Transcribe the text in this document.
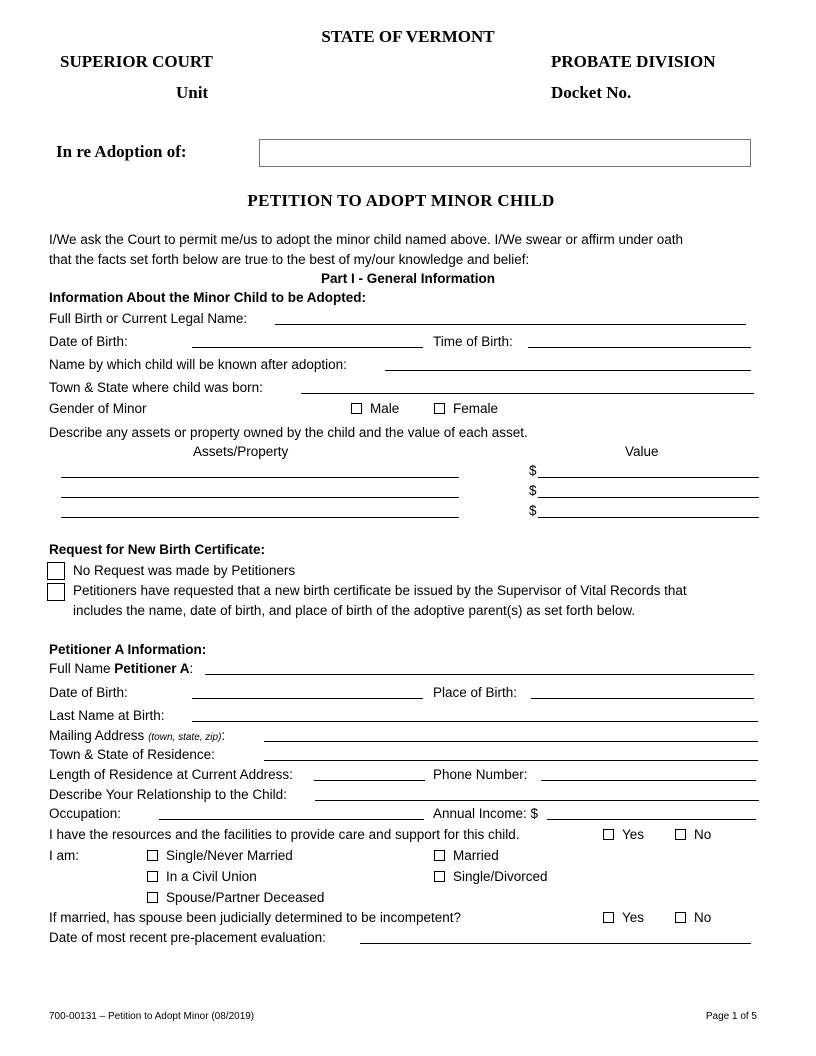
STATE OF VERMONT
SUPERIOR COURT	PROBATE DIVISION
Unit	Docket No.
In re Adoption of:
PETITION TO ADOPT MINOR CHILD
I/We ask the Court to permit me/us to adopt the minor child named above. I/We swear or affirm under oath
that the facts set forth below are true to the best of my/our knowledge and belief:
Part I - General Information
Information About the Minor Child to be Adopted:
Full Birth or Current Legal Name:
Date of Birth:	Time of Birth:
Name by which child will be known after adoption:
Town & State where child was born:
Gender of Minor	Male	Female
Describe any assets or property owned by the child and the value of each asset.
Assets/Property	Value
$
$
$
Request for New Birth Certificate:
No Request was made by Petitioners
Petitioners have requested that a new birth certificate be issued by the Supervisor of Vital Records that
includes the name, date of birth, and place of birth of the adoptive parent(s) as set forth below.
Petitioner A Information:
Full Name Petitioner A:
Date of Birth:	Place of Birth:
Last Name at Birth:
Mailing Address (town, state, zip):
Town & State of Residence:
Length of Residence at Current Address:	Phone Number:
Describe Your Relationship to the Child:
Occupation:	Annual Income: $
I have the resources and the facilities to provide care and support for this child.	Yes	No
I am:	Single/Never Married	Married
In a Civil Union	Single/Divorced
Spouse/Partner Deceased
If married, has spouse been judicially determined to be incompetent?	Yes	No
Date of most recent pre-placement evaluation:
700-00131 – Petition to Adopt Minor (08/2019)	Page 1 of 5
